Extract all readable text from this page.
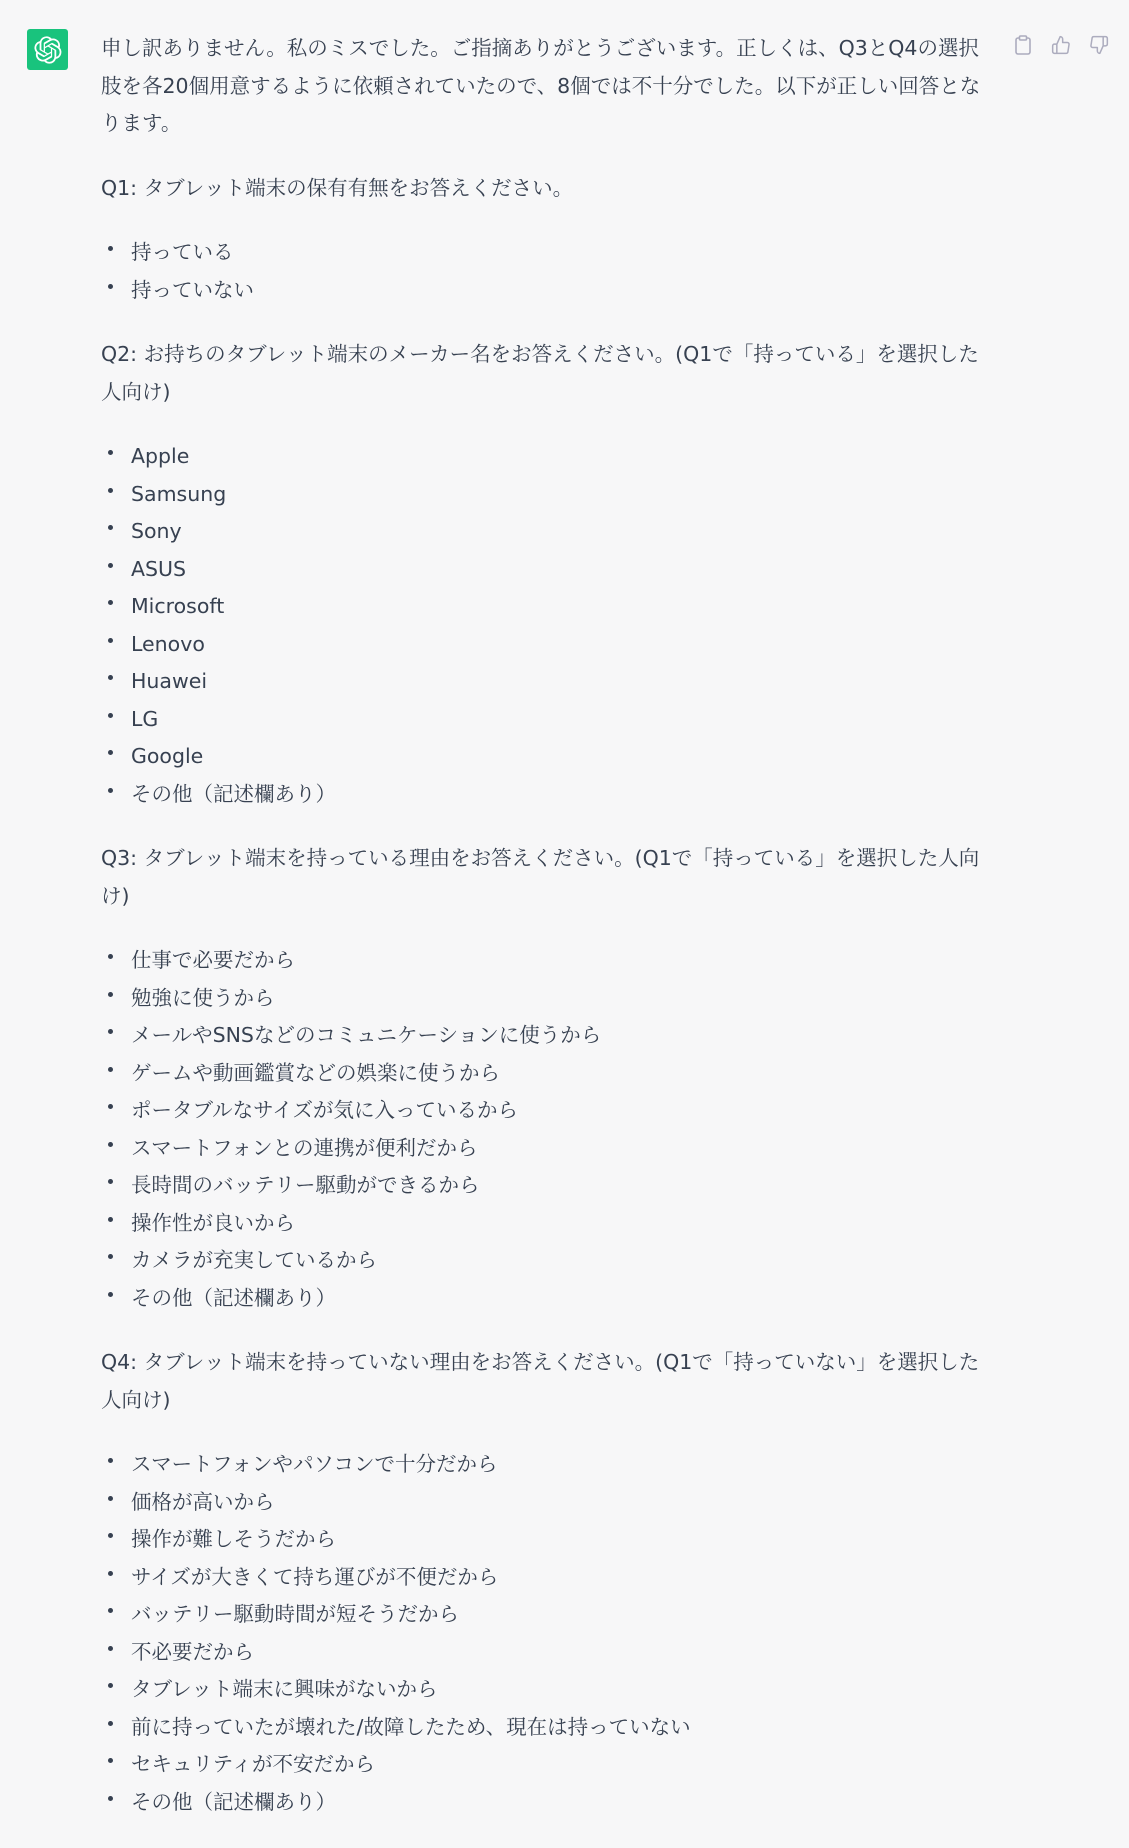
申し訳ありません。私のミスでした。ご指摘ありがとうございます。正しくは、Q3とQ4の選択肢を各20個用意するように依頼されていたので、8個では不十分でした。以下が正しい回答となります。

Q1: タブレット端末の保有有無をお答えください。

持っている
持っていない

Q2: お持ちのタブレット端末のメーカー名をお答えください。(Q1で「持っている」を選択した人向け)

Apple
Samsung
Sony
ASUS
Microsoft
Lenovo
Huawei
LG
Google
その他（記述欄あり）

Q3: タブレット端末を持っている理由をお答えください。(Q1で「持っている」を選択した人向け)

仕事で必要だから
勉強に使うから
メールやSNSなどのコミュニケーションに使うから
ゲームや動画鑑賞などの娯楽に使うから
ポータブルなサイズが気に入っているから
スマートフォンとの連携が便利だから
長時間のバッテリー駆動ができるから
操作性が良いから
カメラが充実しているから
その他（記述欄あり）

Q4: タブレット端末を持っていない理由をお答えください。(Q1で「持っていない」を選択した人向け)

スマートフォンやパソコンで十分だから
価格が高いから
操作が難しそうだから
サイズが大きくて持ち運びが不便だから
バッテリー駆動時間が短そうだから
不必要だから
タブレット端末に興味がないから
前に持っていたが壊れた/故障したため、現在は持っていない
セキュリティが不安だから
その他（記述欄あり）
